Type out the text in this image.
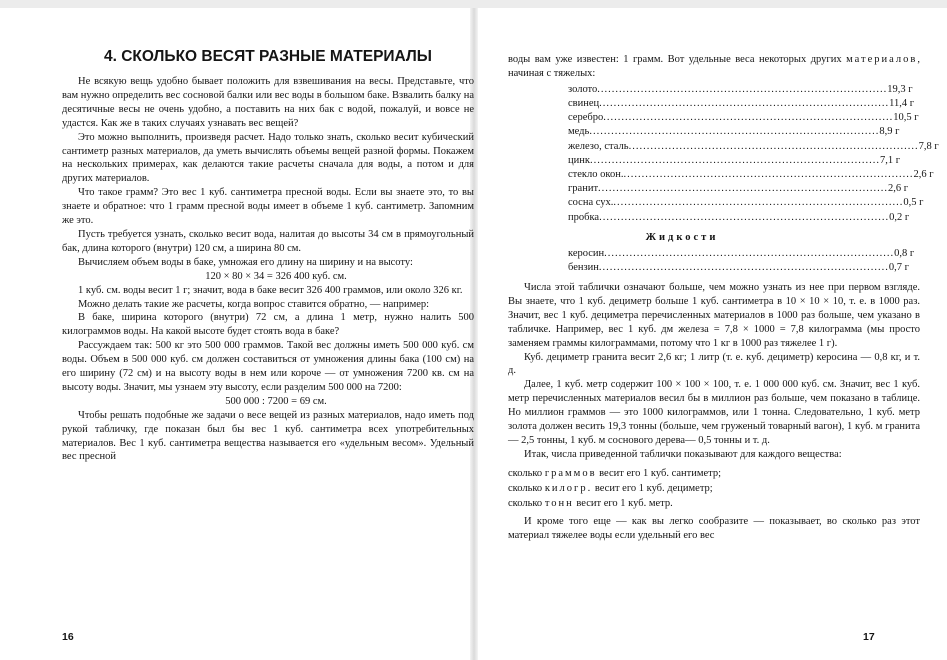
4. СКОЛЬКО ВЕСЯТ РАЗНЫЕ МАТЕРИАЛЫ

Не всякую вещь удобно бывает положить для взвешивания на весы. Представьте, что вам нужно определить вес сосновой балки или вес воды в большом баке. Взвалить балку на десятичные весы не очень удобно, а поставить на них бак с водой, пожалуй, и вовсе не удастся. Как же в таких случаях узнавать вес вещей?

Это можно выполнить, произведя расчет. Надо только знать, сколько весит кубический сантиметр разных материалов, да уметь вычислять объемы вещей разной формы. Покажем на нескольких примерах, как делаются такие расчеты сначала для воды, а потом и для других материалов.

Что такое грамм? Это вес 1 куб. сантиметра пресной воды. Если вы знаете это, то вы знаете и обратное: что 1 грамм пресной воды имеет в объеме 1 куб. сантиметр. Запомним же это.

Пусть требуется узнать, сколько весит вода, налитая до высоты 34 см в прямоугольный бак, длина которого (внутри) 120 см, а ширина 80 см.

Вычисляем объем воды в баке, умножая его длину на ширину и на высоту:

120 × 80 × 34 = 326 400 куб. см.

1 куб. см. воды весит 1 г; значит, вода в баке весит 326 400 граммов, или около 326 кг.

Можно делать такие же расчеты, когда вопрос ставится обратно, — например:

В баке, ширина которого (внутри) 72 см, а длина 1 метр, нужно налить 500 килограммов воды. На какой высоте будет стоять вода в баке?

Рассуждаем так: 500 кг это 500 000 граммов. Такой вес должны иметь 500 000 куб. см воды. Объем в 500 000 куб. см должен составиться от умножения длины бака (100 см) на его ширину (72 см) и на высоту воды в нем или короче — от умножения 7200 кв. см на высоту воды. Значит, мы узнаем эту высоту, если разделим 500 000 на 7200:

500 000 : 7200 = 69 см.

Чтобы решать подобные же задачи о весе вещей из разных материалов, надо иметь под рукой табличку, где показан был бы вес 1 куб. сантиметра всех употребительных материалов. Вес 1 куб. сантиметра вещества называется его «удельным весом». Удельный вес пресной

воды вам уже известен: 1 грамм. Вот удельные веса некоторых других материалов, начиная с тяжелых:

золото ................................................................................ 19,3 г
свинец ................................................................................ 11,4 г
серебро ................................................................................ 10,5 г
медь ................................................................................ 8,9 г
железо, сталь ................................................................................ 7,8 г
цинк ................................................................................ 7,1 г
стекло окон. ................................................................................ 2,6 г
гранит ................................................................................ 2,6 г
сосна сух. ................................................................................ 0,5 г
пробка ................................................................................ 0,2 г
Жидкости
керосин ................................................................................ 0,8 г
бензин ................................................................................ 0,7 г

Числа этой таблички означают больше, чем можно узнать из нее при первом взгляде. Вы знаете, что 1 куб. дециметр больше 1 куб. сантиметра в 10 × 10 × 10, т. е. в 1000 раз. Значит, вес 1 куб. дециметра перечисленных материалов в 1000 раз больше, чем указано в табличке. Например, вес 1 куб. дм железа = 7,8 × 1000 = 7,8 килограмма (мы просто заменяем граммы килограммами, потому что 1 кг в 1000 раз тяжелее 1 г).

Куб. дециметр гранита весит 2,6 кг; 1 литр (т. е. куб. дециметр) керосина — 0,8 кг, и т. д.

Далее, 1 куб. метр содержит 100 × 100 × 100, т. е. 1 000 000 куб. см. Значит, вес 1 куб. метр перечисленных материалов весил бы в миллион раз больше, чем показано в таблице. Но миллион граммов — это 1000 килограммов, или 1 тонна. Следовательно, 1 куб. метр золота должен весить 19,3 тонны (больше, чем груженый товарный вагон), 1 куб. м гранита — 2,5 тонны, 1 куб. м соснового дерева— 0,5 тонны и т. д.

Итак, числа приведенной таблички показывают для каждого вещества:

сколько граммов весит его 1 куб. сантиметр;
сколько килогр. весит его 1 куб. дециметр;
сколько тонн весит его 1 куб. метр.

И кроме того еще — как вы легко сообразите — показывает, во сколько раз этот материал тяжелее воды если удельный его вес

16	17
